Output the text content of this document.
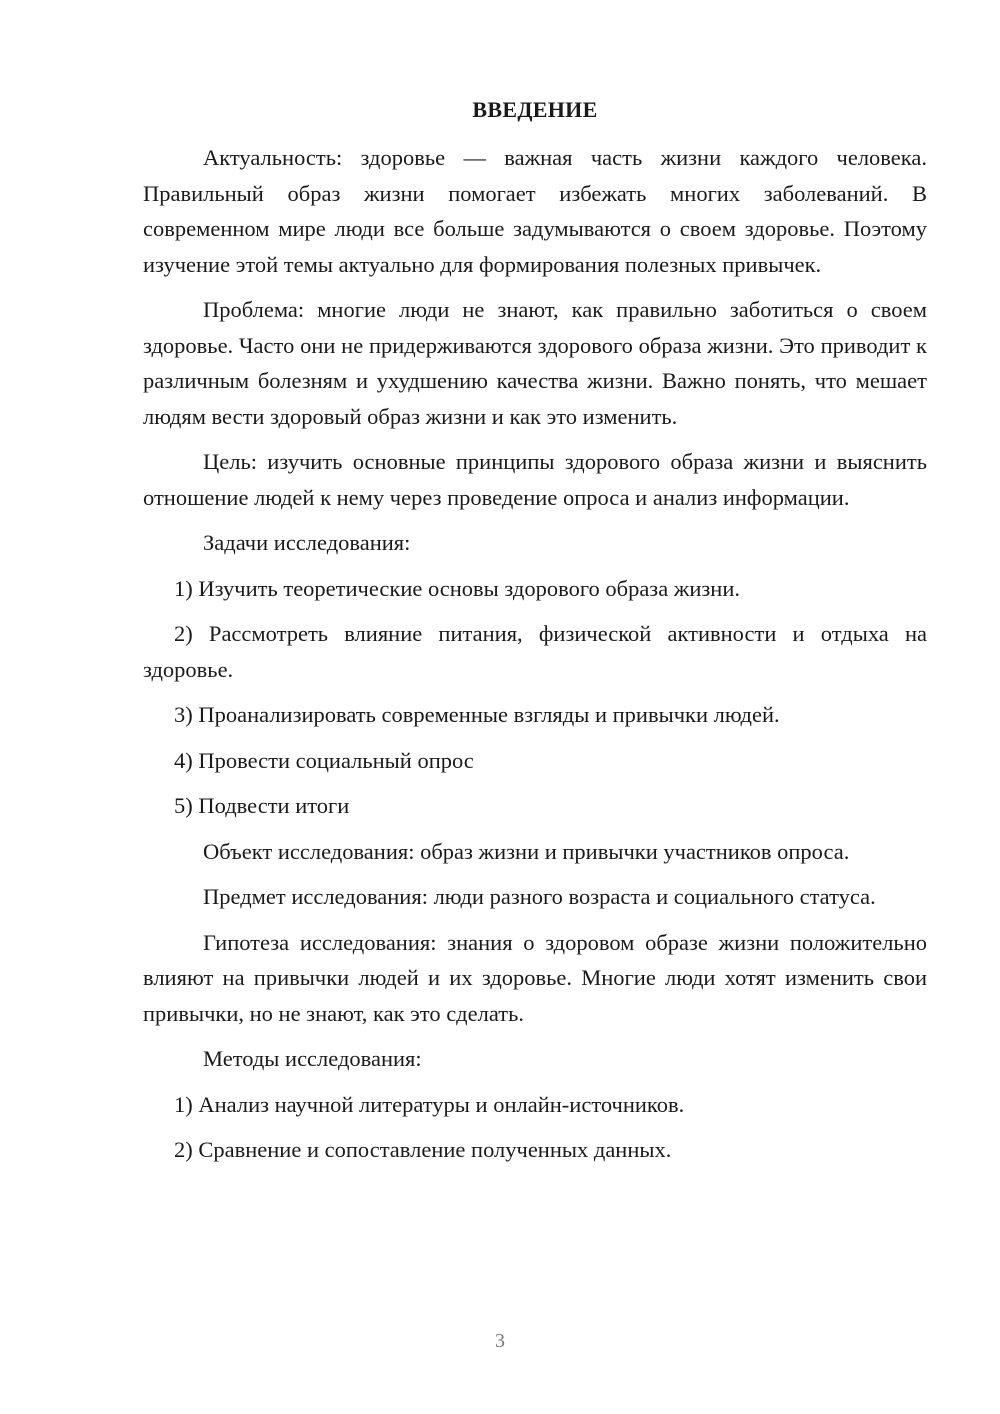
ВВЕДЕНИЕ

Актуальность: здоровье — важная часть жизни каждого человека. Правильный образ жизни помогает избежать многих заболеваний. В современном мире люди все больше задумываются о своем здоровье. Поэтому изучение этой темы актуально для формирования полезных привычек.

Проблема: многие люди не знают, как правильно заботиться о своем здоровье. Часто они не придерживаются здорового образа жизни. Это приводит к различным болезням и ухудшению качества жизни. Важно понять, что мешает людям вести здоровый образ жизни и как это изменить.

Цель: изучить основные принципы здорового образа жизни и выяснить отношение людей к нему через проведение опроса и анализ информации.

Задачи исследования:

1) Изучить теоретические основы здорового образа жизни.

2) Рассмотреть влияние питания, физической активности и отдыха на здоровье.

3) Проанализировать современные взгляды и привычки людей.

4) Провести социальный опрос

5) Подвести итоги

Объект исследования: образ жизни и привычки участников опроса.

Предмет исследования: люди разного возраста и социального статуса.

Гипотеза исследования: знания о здоровом образе жизни положительно влияют на привычки людей и их здоровье. Многие люди хотят изменить свои привычки, но не знают, как это сделать.

Методы исследования:

1) Анализ научной литературы и онлайн-источников.

2) Сравнение и сопоставление полученных данных.

3
